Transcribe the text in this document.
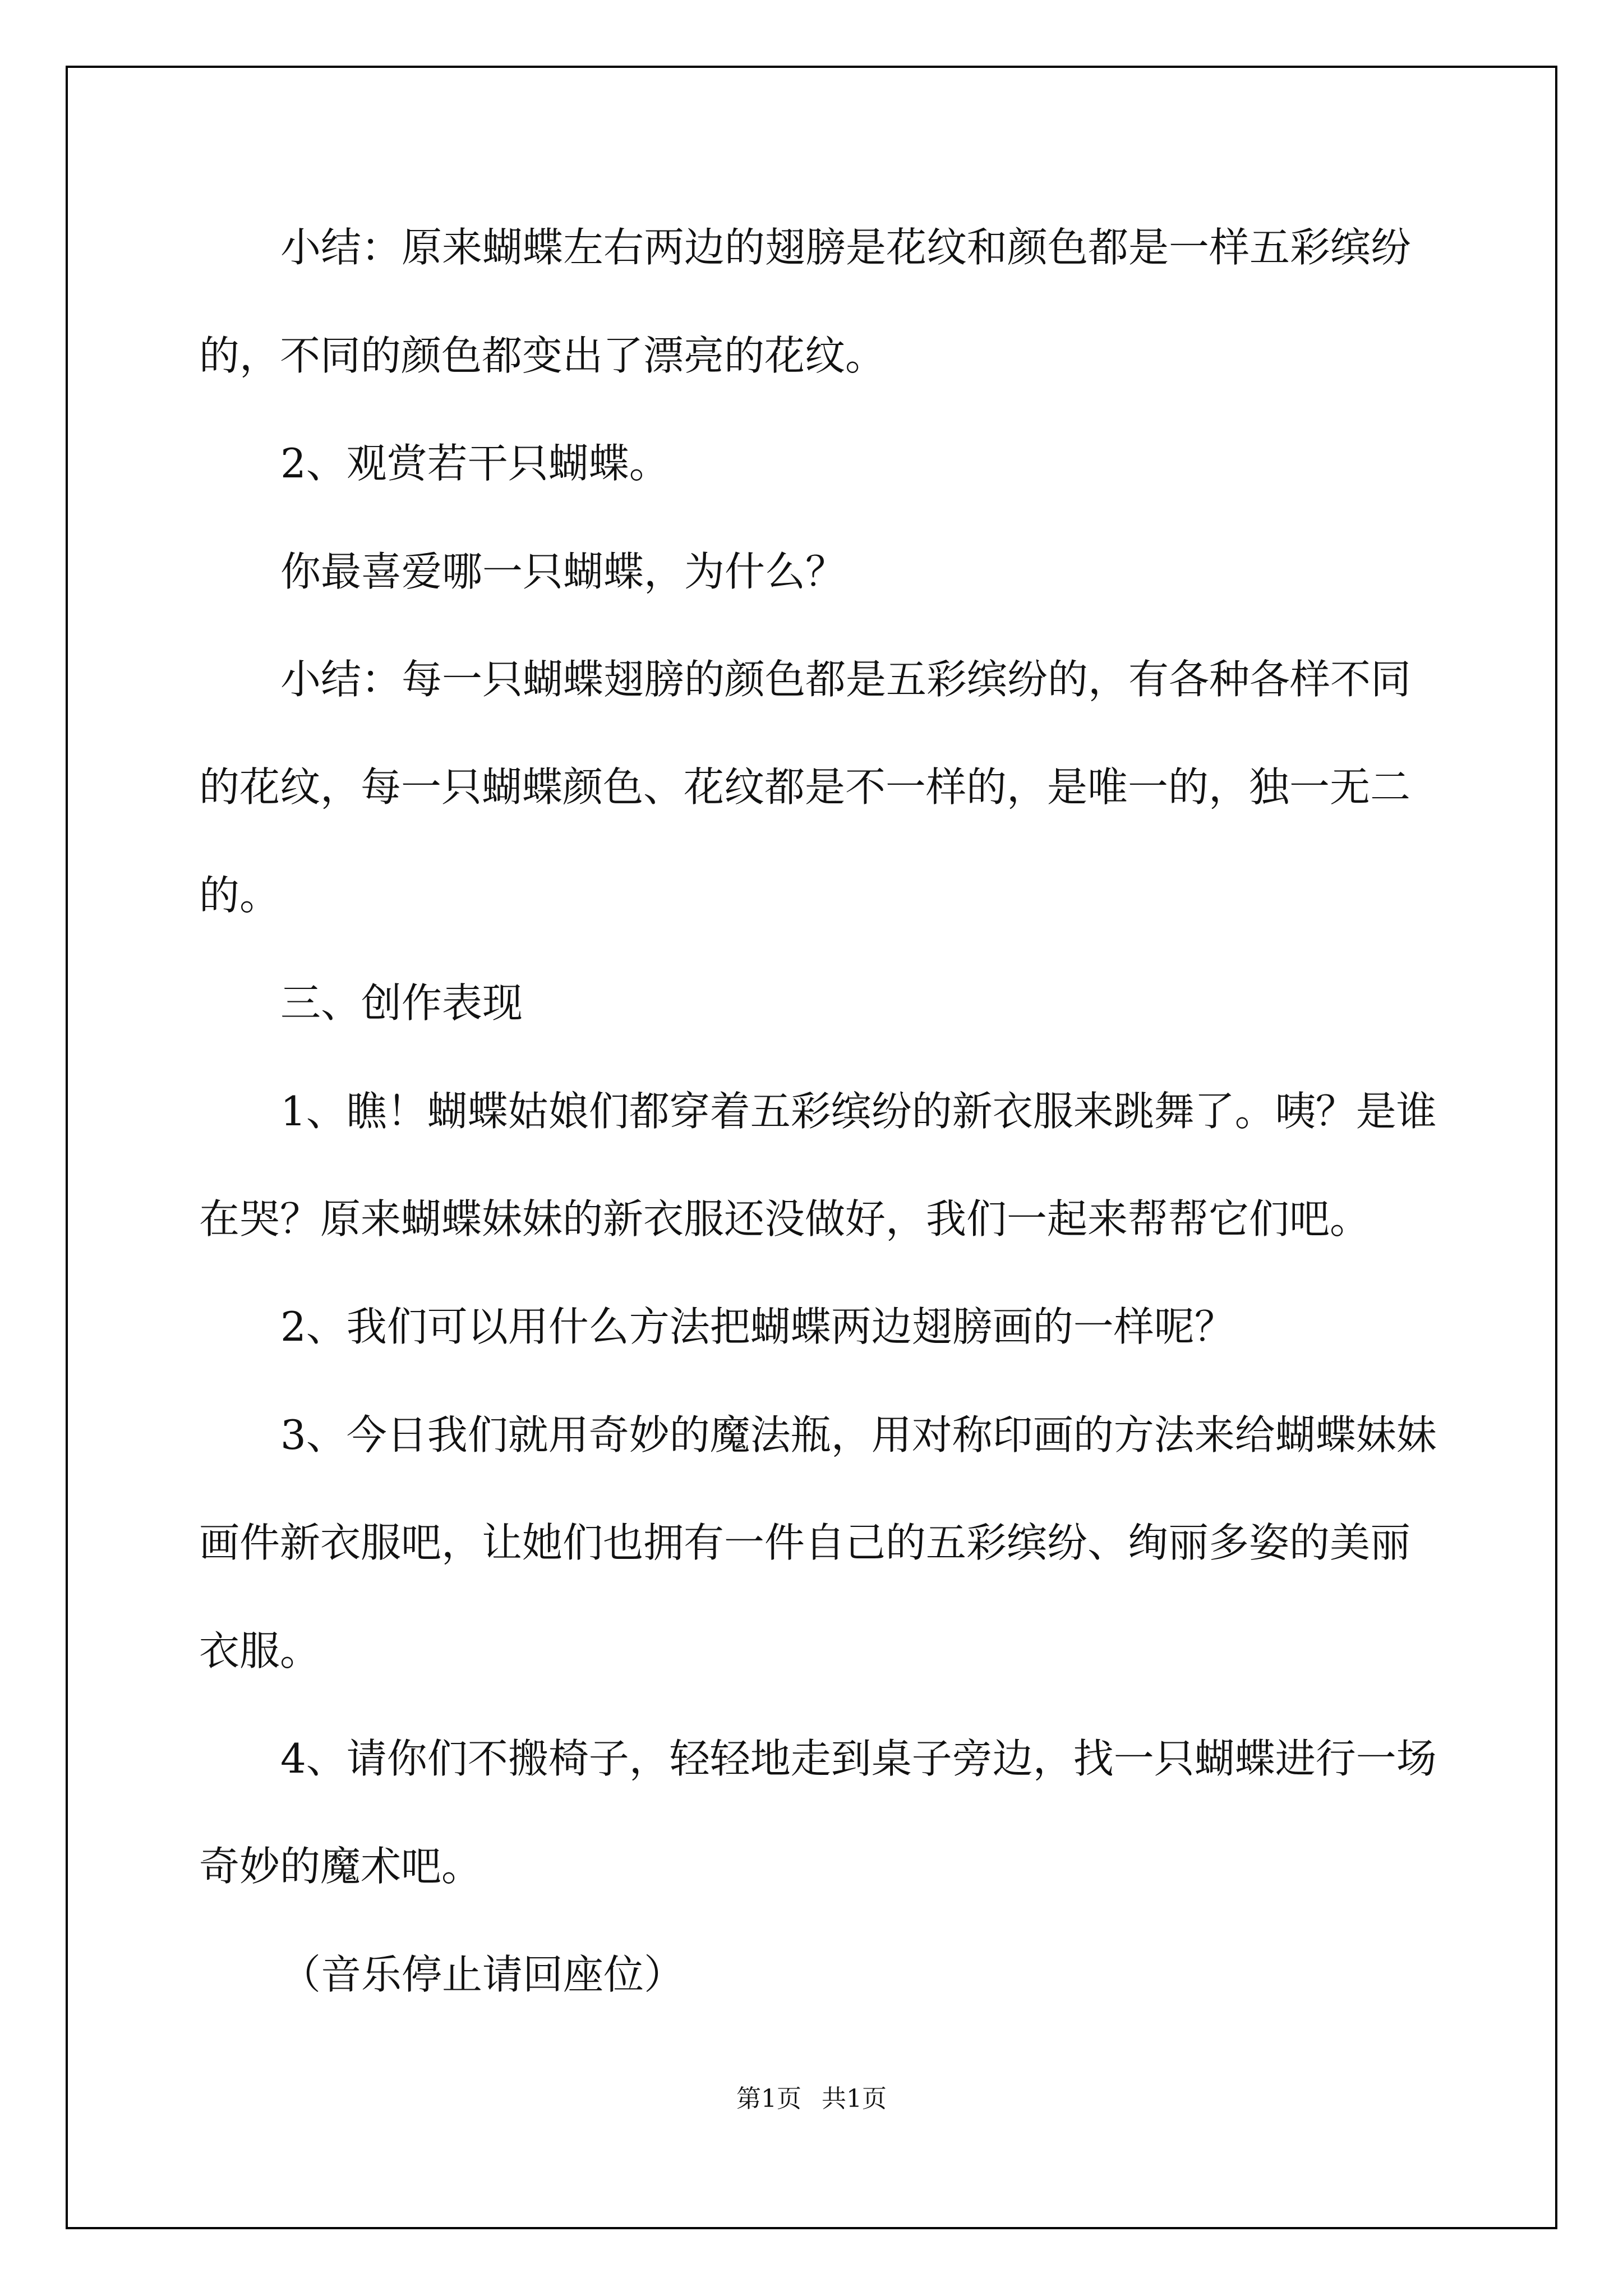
小结：原来蝴蝶左右两边的翅膀是花纹和颜色都是一样五彩缤纷

的，不同的颜色都变出了漂亮的花纹。

2、观赏若干只蝴蝶。

你最喜爱哪一只蝴蝶，为什么？

小结：每一只蝴蝶翅膀的颜色都是五彩缤纷的，有各种各样不同

的花纹，每一只蝴蝶颜色、花纹都是不一样的，是唯一的，独一无二

的。

三、创作表现

1、瞧！蝴蝶姑娘们都穿着五彩缤纷的新衣服来跳舞了。咦？是谁

在哭？原来蝴蝶妹妹的新衣服还没做好，我们一起来帮帮它们吧。

2、我们可以用什么方法把蝴蝶两边翅膀画的一样呢？

3、今日我们就用奇妙的魔法瓶，用对称印画的方法来给蝴蝶妹妹

画件新衣服吧，让她们也拥有一件自己的五彩缤纷、绚丽多姿的美丽

衣服。

4、请你们不搬椅子，轻轻地走到桌子旁边，找一只蝴蝶进行一场

奇妙的魔术吧。

（音乐停止请回座位）

第1页 共1页
